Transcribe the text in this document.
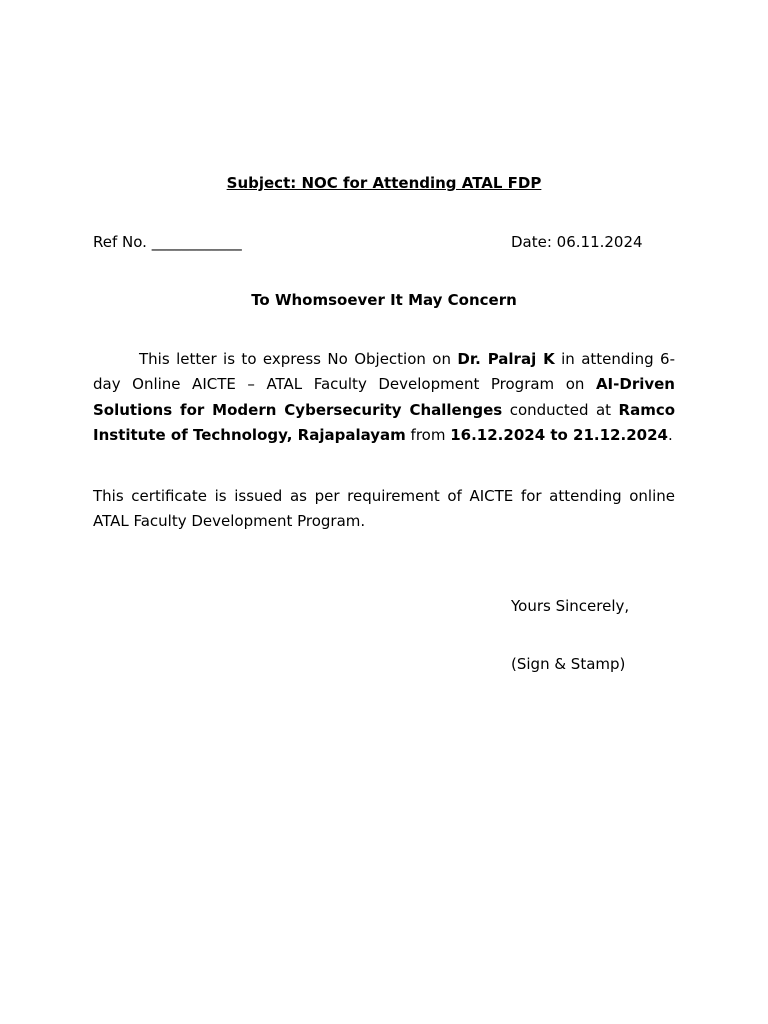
Subject: NOC for Attending ATAL FDP
Ref No. ____________	Date: 06.11.2024
To Whomsoever It May Concern

This letter is to express No Objection on Dr. Palraj K in attending 6-day Online AICTE – ATAL Faculty Development Program on AI-Driven Solutions for Modern Cybersecurity Challenges conducted at Ramco Institute of Technology, Rajapalayam from 16.12.2024 to 21.12.2024.

This certificate is issued as per requirement of AICTE for attending online ATAL Faculty Development Program.

Yours Sincerely,
(Sign & Stamp)
